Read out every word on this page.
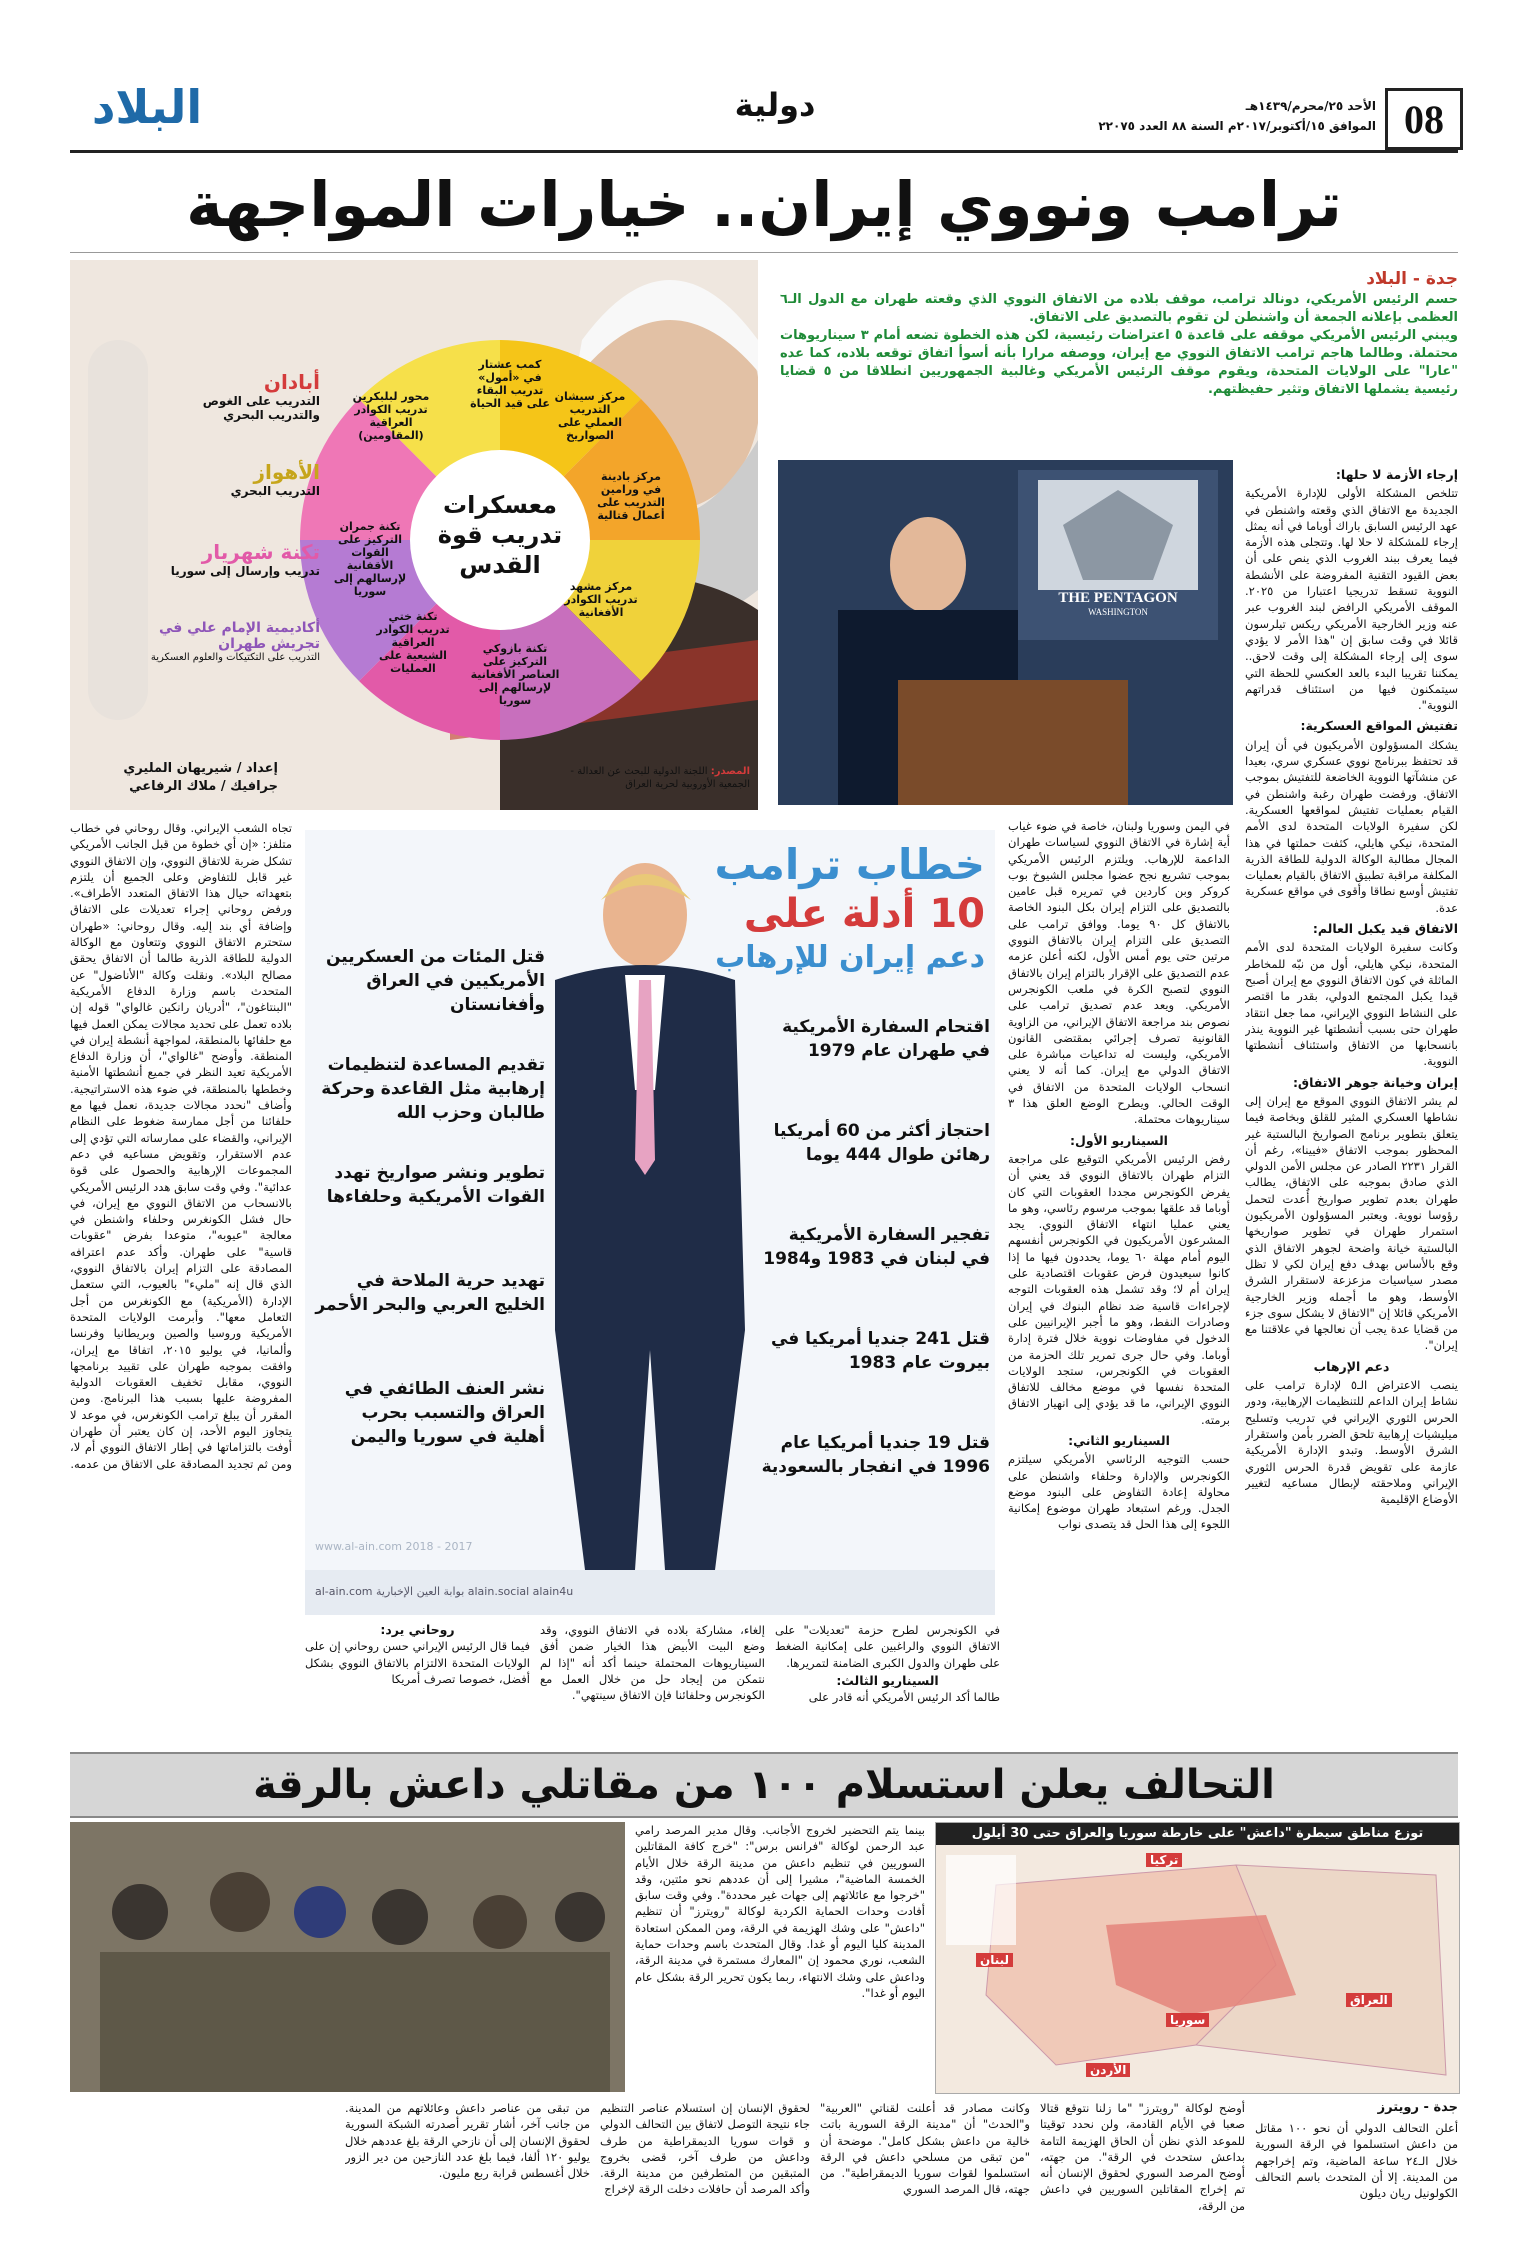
08
الأحد ٢٥/محرم/١٤٣٩هـ
الموافق ١٥/أكتوبر/٢٠١٧م السنة ٨٨ العدد ٢٢٠٧٥
دولية
البلاد
ترامب ونووي إيران.. خيارات المواجهة
معسكرات تدريب قوة القدس
كمب عشتار في «أمول» تدريب البقاء على قيد الحياة
مركز سيشان التدريب العملي على الصواريخ
مركز بادينة في ورامين التدريب على أعمال قتالية
مركز مشهد تدريب الكوادر الأفغانية
تكنة بازوكي التركيز على العناصر الأفغانية لإرسالهم إلى سوريا
تكنة ختي تدريب الكوادر العراقية الشيعية على العمليات
تكنة جمران التركيز على القوات الأقفانية لإرسالهم إلى سوريا
محور لبلبكرين تدريب الكوادر العراقية (المقاومين)
أبادان
التدريب على الغوص والتدريب البحري
الأهواز
التدريب البحري
تكنة شهريار
تدريب وإرسال إلى سوريا
أكاديمية الإمام علي في تجريش طهران
التدريب على التكتيكات والعلوم العسكرية
المصدر: اللجنة الدولية للبحث عن العدالة - الجمعية الأوروبية لحرية العراق
إعداد / شيريهان المليري
جرافيك / ملاك الرفاعي
جدة - البلاد
حسم الرئيس الأمريكي، دونالد ترامب، موقف بلاده من الاتفاق النووي الذي وقعته طهران مع الدول الـ٦ العظمى بإعلانه الجمعة أن واشنطن لن تقوم بالتصديق على الاتفاق.
ويبني الرئيس الأمريكي موقفه على قاعدة ٥ اعتراضات رئيسية، لكن هذه الخطوة تضعه أمام ٣ سيناريوهات محتملة. وطالما هاجم ترامب الاتفاق النووي مع إيران، ووصفه مرارا بأنه أسوأ اتفاق توقعه بلاده، كما عده "عارا" على الولايات المتحدة، ويقوم موقف الرئيس الأمريكي وغالبية الجمهوريين انطلاقا من ٥ قضايا رئيسية يشملها الاتفاق وتثير حفيظتهم.
THE PENTAGON
WASHINGTON
إرجاء الأزمة لا حلها:

تتلخص المشكلة الأولى للإدارة الأمريكية الجديدة مع الاتفاق الذي وقعته واشنطن في عهد الرئيس السابق باراك أوباما في أنه يمثل إرجاء للمشكلة لا حلا لها. وتتجلى هذه الأزمة فيما يعرف ببند الغروب الذي ينص على أن بعض القيود التقنية المفروضة على الأنشطة النووية تسقط تدريجيا اعتبارا من ٢٠٢٥. الموقف الأمريكي الرافض لبند الغروب عبر عنه وزير الخارجية الأمريكي ريكس تيلرسون قائلا في وقت سابق إن "هذا الأمر لا يؤدي سوى إلى إرجاء المشكلة إلى وقت لاحق.. يمكننا تقريبا البدء بالعد العكسي للحظة التي سيتمكنون فيها من استئناف قدراتهم النووية".

تفتيش المواقع العسكرية:

يشكك المسؤولون الأمريكيون في أن إيران قد تحتفظ ببرنامج نووي عسكري سري، بعيدا عن منشآتها النووية الخاضعة للتفتيش بموجب الاتفاق. ورفضت طهران رغبة واشنطن في القيام بعمليات تفتيش لمواقعها العسكرية. لكن سفيرة الولايات المتحدة لدى الأمم المتحدة، نيكي هايلي، كثفت حملتها في هذا المجال مطالبة الوكالة الدولية للطاقة الذرية المكلفة مراقبة تطبيق الاتفاق بالقيام بعمليات تفتيش أوسع نطاقا وأقوى في مواقع عسكرية عدة.

الاتفاق قيد يكبل العالم:

وكانت سفيرة الولايات المتحدة لدى الأمم المتحدة، نيكي هايلي، أول من نبّه للمخاطر الماثلة في كون الاتفاق النووي مع إيران أصبح قيدا يكبل المجتمع الدولي، بقدر ما اقتصر على النشاط النووي الإيراني، مما جعل انتقاد طهران حتى بسبب أنشطتها غير النووية ينذر بانسحابها من الاتفاق واستئناف أنشطتها النووية.

إيران وخيانة جوهر الاتفاق:

لم يشر الاتفاق النووي الموقع مع إيران إلى نشاطها العسكري المثير للقلق وبخاصة فيما يتعلق بتطوير برنامج الصواريخ البالستية غير المحظور بموجب الاتفاق «فيينا»، رغم أن القرار ٢٢٣١ الصادر عن مجلس الأمن الدولي الذي صادق بموجبه على الاتفاق، يطالب طهران بعدم تطوير صواريخ أُعدت لتحمل رؤوسا نووية. ويعتبر المسؤولون الأمريكيون استمرار طهران في تطوير صواريخها البالستية خيانة واضحة لجوهر الاتفاق الذي وقع بالأساس بهدف دفع إيران لكي لا تظل مصدر سياسيات مزعزعة لاستقرار الشرق الأوسط، وهو ما أجمله وزير الخارجية الأمريكي قائلا إن "الاتفاق لا يشكل سوى جزء من قضايا عدة يجب أن نعالجها في علاقتنا مع إيران".

دعم الإرهاب

ينصب الاعتراض الـ٥ لإدارة ترامب على نشاط إيران الداعم للتنظيمات الإرهابية، ودور الحرس الثوري الإيراني في تدريب وتسليح ميليشيات إرهابية تلحق الضرر بأمن واستقرار الشرق الأوسط. وتبدو الإدارة الأمريكية عازمة على تقويض قدرة الحرس الثوري الإيراني وملاحقته لإبطال مساعيه لتغيير الأوضاع الإقليمية

في اليمن وسوريا ولبنان، خاصة في ضوء غياب أية إشارة في الاتفاق النووي لسياسات طهران الداعمة للإرهاب. ويلتزم الرئيس الأمريكي بموجب تشريع نجح عضوا مجلس الشيوخ بوب كروكر وبن كاردين في تمريره قبل عامين بالتصديق على التزام إيران بكل البنود الخاصة بالاتفاق كل ٩٠ يوما. ووافق ترامب على التصديق على التزام إيران بالاتفاق النووي مرتين حتى يوم أمس الأول، لكنه أعلن عزمه عدم التصديق على الإقرار بالتزام إيران بالاتفاق النووي لتصبح الكرة في ملعب الكونجرس الأمريكي. ويعد عدم تصديق ترامب على نصوص بند مراجعة الاتفاق الإيراني، من الزاوية القانونية تصرف إجرائي بمقتضى القانون الأمريكي، وليست له تداعيات مباشرة على الاتفاق الدولي مع إيران. كما أنه لا يعني انسحاب الولايات المتحدة من الاتفاق في الوقت الحالي. ويطرح الوضع العلق هذا ٣ سيناريوهات محتملة.

السيناريو الأول:

رفض الرئيس الأمريكي التوقيع على مراجعة التزام طهران بالاتفاق النووي قد يعني أن يفرض الكونجرس مجددا العقوبات التي كان أوباما قد علقها بموجب مرسوم رئاسي، وهو ما يعني عمليا انتهاء الاتفاق النووي. يجد المشرعون الأمريكيون في الكونجرس أنفسهم اليوم أمام مهلة ٦٠ يوما، يحددون فيها ما إذا كانوا سيعيدون فرض عقوبات اقتصادية على إيران أم لا؛ وقد تشمل هذه العقوبات التوجه لإجراءات قاسية ضد نظام البنوك في إيران وصادرات النفط، وهو ما أجبر الإيرانيين على الدخول في مفاوضات نووية خلال فترة إدارة أوباما. وفي حال جرى تمرير تلك الحزمة من العقوبات في الكونجرس، ستجد الولايات المتحدة نفسها في موضع مخالف للاتفاق النووي الإيراني، ما قد يؤدي إلى انهيار الاتفاق برمته.

السيناريو الثاني:

حسب التوجيه الرئاسي الأمريكي سيلتزم الكونجرس والإدارة وحلفاء واشنطن على محاولة إعادة التفاوض على البنود موضع الجدل. ورغم استبعاد طهران موضوع إمكانية اللجوء إلى هذا الحل قد يتصدى نواب

خطاب ترامب
10 أدلة على
دعم إيران للإرهاب
اقتحام السفارة الأمريكية في طهران عام 1979
احتجاز أكثر من 60 أمريكيا رهائن طوال 444 يوما
تفجير السفارة الأمريكية في لبنان في 1983 و1984
قتل 241 جنديا أمريكيا في بيروت عام 1983
قتل 19 جنديا أمريكيا عام 1996 في انفجار بالسعودية
قتل المئات من العسكريين الأمريكيين في العراق وأفغانستان
تقديم المساعدة لتنظيمات إرهابية مثل القاعدة وحركة طالبان وحزب الله
تطوير ونشر صواريخ تهدد القوات الأمريكية وحلفاءها
تهديد حرية الملاحة في الخليج العربي والبحر الأحمر
نشر العنف الطائفي في العراق والتسبب بحرب أهلية في سوريا واليمن
www.al-ain.com 2018 - 2017
al-ain.com بوابة العين الإخبارية alain.social alain4u

في الكونجرس لطرح حزمة "تعديلات" على الاتفاق النووي والراغبين على إمكانية الضغط على طهران والدول الكبرى الضامنة لتمريرها.

السيناريو الثالث:

طالما أكد الرئيس الأمريكي أنه قادر على

إلغاء، مشاركة بلاده في الاتفاق النووي، وقد وضع البيت الأبيض هذا الخيار ضمن أفق السيناريوهات المحتملة حينما أكد أنه "إذا لم نتمكن من إيجاد حل من خلال العمل مع الكونجرس وحلفائنا فإن الاتفاق سينتهي".

روحاني يرد:

فيما قال الرئيس الإيراني حسن روحاني إن على الولايات المتحدة الالتزام بالاتفاق النووي بشكل أفضل، خصوصا تصرف أمريكا

تجاه الشعب الإيراني. وقال روحاني في خطاب متلفز: «إن أي خطوة من قبل الجانب الأمريكي تشكل ضربة للاتفاق النووي، وإن الاتفاق النووي غير قابل للتفاوض وعلى الجميع أن يلتزم بتعهداته حيال هذا الاتفاق المتعدد الأطراف». ورفض روحاني إجراء تعديلات على الاتفاق وإضافة أي بند إليه. وقال روحاني: «طهران ستحترم الاتفاق النووي وتتعاون مع الوكالة الدولية للطاقة الذرية طالما أن الاتفاق يحقق مصالح البلاد». ونقلت وكالة "الأناضول" عن المتحدث باسم وزارة الدفاع الأمريكية "البنتاغون"، "أدريان رانكين غالواي" قوله إن بلاده تعمل على تحديد مجالات يمكن العمل فيها مع حلفائها بالمنطقة، لمواجهة أنشطة إيران في المنطقة. وأوضح "غالواي"، أن وزارة الدفاع الأمريكية تعيد النظر في جميع أنشطتها الأمنية وخططها بالمنطقة، في ضوء هذه الاستراتيجية. وأضاف "نحدد مجالات جديدة، نعمل فيها مع حلفائنا من أجل ممارسة ضغوط على النظام الإيراني، والقضاء على ممارساته التي تؤدي إلى عدم الاستقرار، وتقويض مساعيه في دعم المجموعات الإرهابية والحصول على قوة عدائية". وفي وقت سابق هدد الرئيس الأمريكي بالانسحاب من الاتفاق النووي مع إيران، في حال فشل الكونغرس وحلفاء واشنطن في معالجة "عيوبه"، متوعدا بفرض "عقوبات قاسية" على طهران. وأكد عدم اعترافه المصادقة على التزام إيران بالاتفاق النووي، الذي قال إنه "مليء" بالعيوب، التي ستعمل الإدارة (الأمريكية) مع الكونغرس من أجل التعامل معها". وأبرمت الولايات المتحدة الأمريكية وروسيا والصين وبريطانيا وفرنسا وألمانيا، في يوليو ٢٠١٥، اتفاقا مع إيران، وافقت بموجبه طهران على تقييد برنامجها النووي، مقابل تخفيف العقوبات الدولية المفروضة عليها بسبب هذا البرنامج. ومن المقرر أن يبلغ ترامب الكونغرس، في موعد لا يتجاوز اليوم الأحد، إن كان يعتبر أن طهران أوفت بالتزاماتها في إطار الاتفاق النووي أم لا، ومن ثم تجديد المصادقة على الاتفاق من عدمه.

التحالف يعلن استسلام ١٠٠ من مقاتلي داعش بالرقة
توزع مناطق سيطرة "داعش" على خارطة سوريا والعراق حتى 30 أيلول
تركيا
العراق
الأردن
لبنان
سوريا

بينما يتم التحضير لخروج الأجانب. وقال مدير المرصد رامي عبد الرحمن لوكالة "فرانس برس": "خرج كافة المقاتلين السوريين في تنظيم داعش من مدينة الرقة خلال الأيام الخمسة الماضية"، مشيرا إلى أن عددهم نحو مئتين، وقد "خرجوا مع عائلاتهم إلى جهات غير محددة". وفي وقت سابق أفادت وحدات الحماية الكردية لوكالة "رويترز" أن تنظيم "داعش" على وشك الهزيمة في الرقة، ومن الممكن استعادة المدينة كليا اليوم أو غدا. وقال المتحدث باسم وحدات حماية الشعب، نوري محمود إن "المعارك مستمرة في مدينة الرقة، وداعش على وشك الانتهاء، ربما يكون تحرير الرقة بشكل عام اليوم أو غدا".

جدة - رويترز

أعلن التحالف الدولي أن نحو ١٠٠ مقاتل من داعش استسلموا في الرقة السورية خلال الـ٢٤ ساعة الماضية، وتم إخراجهم من المدينة. إلا أن المتحدث باسم التحالف الكولونيل ريان ديلون

أوضح لوكالة "رويترز" "ما زلنا نتوقع قتالا صعبا في الأيام القادمة، ولن نحدد توقيتا للموعد الذي نظن أن الحاق الهزيمة التامة بداعش ستحدث في الرقة". من جهته، أوضح المرصد السوري لحقوق الإنسان أنه تم إخراج المقاتلين السوريين في داعش من الرقة،

وكانت مصادر قد أعلنت لقناتي "العربية" و"الحدث" أن "مدينة الرقة السورية باتت خالية من داعش بشكل كامل". موضحة أن "من تبقى من مسلحي داعش في الرقة استسلموا لقوات سوريا الديمقراطية". من جهته، قال المرصد السوري

لحقوق الإنسان إن استسلام عناصر التنظيم جاء نتيجة التوصل لاتفاق بين التحالف الدولي و قوات سوريا الديمقراطية من طرف وداعش من طرف آخر، قضى بخروج المتبقين من المتطرفين من مدينة الرقة. وأكد المرصد أن حافلات دخلت الرقة لإخراج

من تبقى من عناصر داعش وعائلاتهم من المدينة. من جانب آخر، أشار تقرير أصدرته الشبكة السورية لحقوق الإنسان إلى أن نازحي الرقة بلغ عددهم خلال يوليو ١٢٠ ألفا، فيما بلغ عدد النازحين من دير الزور خلال أغسطس قرابة ربع مليون.
